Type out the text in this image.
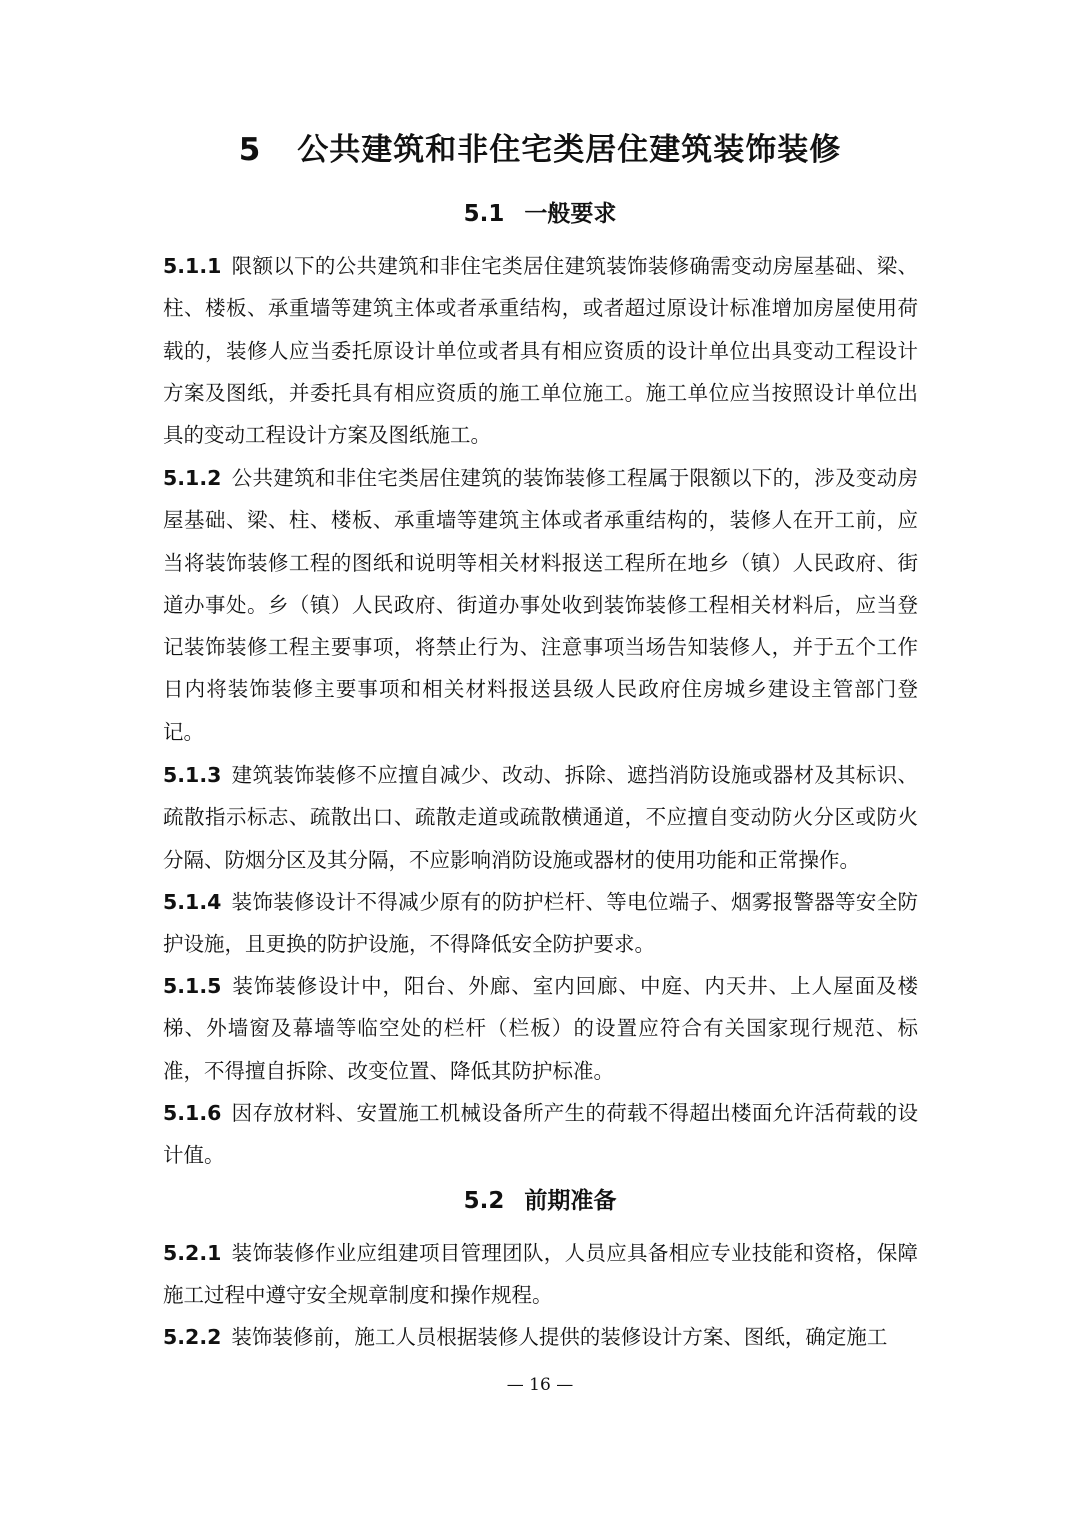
5 公共建筑和非住宅类居住建筑装饰装修
5.1 一般要求
5.1.1 限额以下的公共建筑和非住宅类居住建筑装饰装修确需变动房屋基础、梁、柱、楼板、承重墙等建筑主体或者承重结构，或者超过原设计标准增加房屋使用荷载的，装修人应当委托原设计单位或者具有相应资质的设计单位出具变动工程设计方案及图纸，并委托具有相应资质的施工单位施工。施工单位应当按照设计单位出具的变动工程设计方案及图纸施工。
5.1.2 公共建筑和非住宅类居住建筑的装饰装修工程属于限额以下的，涉及变动房屋基础、梁、柱、楼板、承重墙等建筑主体或者承重结构的，装修人在开工前，应当将装饰装修工程的图纸和说明等相关材料报送工程所在地乡（镇）人民政府、街道办事处。乡（镇）人民政府、街道办事处收到装饰装修工程相关材料后，应当登记装饰装修工程主要事项，将禁止行为、注意事项当场告知装修人，并于五个工作日内将装饰装修主要事项和相关材料报送县级人民政府住房城乡建设主管部门登记。
5.1.3 建筑装饰装修不应擅自减少、改动、拆除、遮挡消防设施或器材及其标识、疏散指示标志、疏散出口、疏散走道或疏散横通道，不应擅自变动防火分区或防火分隔、防烟分区及其分隔，不应影响消防设施或器材的使用功能和正常操作。
5.1.4 装饰装修设计不得减少原有的防护栏杆、等电位端子、烟雾报警器等安全防护设施，且更换的防护设施，不得降低安全防护要求。
5.1.5 装饰装修设计中，阳台、外廊、室内回廊、中庭、内天井、上人屋面及楼梯、外墙窗及幕墙等临空处的栏杆（栏板）的设置应符合有关国家现行规范、标准，不得擅自拆除、改变位置、降低其防护标准。
5.1.6 因存放材料、安置施工机械设备所产生的荷载不得超出楼面允许活荷载的设计值。
5.2 前期准备
5.2.1 装饰装修作业应组建项目管理团队，人员应具备相应专业技能和资格，保障施工过程中遵守安全规章制度和操作规程。
5.2.2 装饰装修前，施工人员根据装修人提供的装修设计方案、图纸，确定施工
— 16 —
